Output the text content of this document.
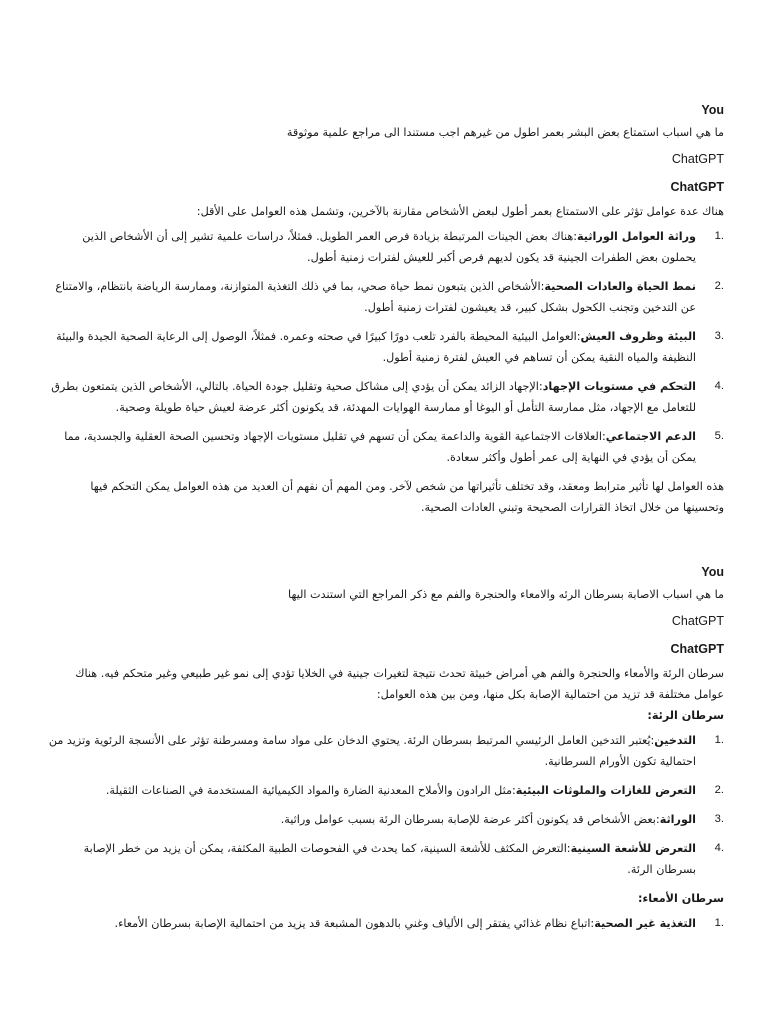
You

ما هي اسباب استمتاع بعض البشر بعمر اطول من غيرهم اجب مستندا الى مراجع علمية موثوقة

ChatGPT
ChatGPT

هناك عدة عوامل تؤثر على الاستمتاع بعمر أطول لبعض الأشخاص مقارنة بالآخرين، وتشمل هذه العوامل على الأقل:

.1
وراثة العوامل الوراثية:هناك بعض الجينات المرتبطة بزيادة فرص العمر الطويل. فمثلاً، دراسات علمية تشير إلى أن الأشخاص الذين يحملون بعض الطفرات الجينية قد يكون لديهم فرص أكبر للعيش لفترات زمنية أطول.
.2
نمط الحياة والعادات الصحية:الأشخاص الذين يتبعون نمط حياة صحي، بما في ذلك التغذية المتوازنة، وممارسة الرياضة بانتظام، والامتناع عن التدخين وتجنب الكحول بشكل كبير، قد يعيشون لفترات زمنية أطول.
.3
البيئة وظروف العيش:العوامل البيئية المحيطة بالفرد تلعب دورًا كبيرًا في صحته وعمره. فمثلاً، الوصول إلى الرعاية الصحية الجيدة والبيئة النظيفة والمياه النقية يمكن أن تساهم في العيش لفترة زمنية أطول.
.4
التحكم في مستويات الإجهاد:الإجهاد الزائد يمكن أن يؤدي إلى مشاكل صحية وتقليل جودة الحياة. بالتالي، الأشخاص الذين يتمتعون بطرق للتعامل مع الإجهاد، مثل ممارسة التأمل أو اليوغا أو ممارسة الهوايات المهدئة، قد يكونون أكثر عرضة لعيش حياة طويلة وصحية.
.5
الدعم الاجتماعي:العلاقات الاجتماعية القوية والداعمة يمكن أن تسهم في تقليل مستويات الإجهاد وتحسين الصحة العقلية والجسدية، مما يمكن أن يؤدي في النهاية إلى عمر أطول وأكثر سعادة.

هذه العوامل لها تأثير مترابط ومعقد، وقد تختلف تأثيراتها من شخص لآخر. ومن المهم أن نفهم أن العديد من هذه العوامل يمكن التحكم فيها وتحسينها من خلال اتخاذ القرارات الصحيحة وتبني العادات الصحية.

You

ما هي اسباب الاصابة بسرطان الرئه والامعاء والحنجرة والفم مع ذكر المراجع التي استندت اليها

ChatGPT
ChatGPT

سرطان الرئة والأمعاء والحنجرة والفم هي أمراض خبيثة تحدث نتيجة لتغيرات جينية في الخلايا تؤدي إلى نمو غير طبيعي وغير متحكم فيه. هناك عوامل مختلفة قد تزيد من احتمالية الإصابة بكل منها، ومن بين هذه العوامل:

سرطان الرئة:

.1
التدخين:يُعتبر التدخين العامل الرئيسي المرتبط بسرطان الرئة. يحتوي الدخان على مواد سامة ومسرطنة تؤثر على الأنسجة الرئوية وتزيد من احتمالية تكون الأورام السرطانية.
.2
التعرض للغازات والملوثات البيئية:مثل الرادون والأملاح المعدنية الضارة والمواد الكيميائية المستخدمة في الصناعات الثقيلة.
.3
الوراثة:بعض الأشخاص قد يكونون أكثر عرضة للإصابة بسرطان الرئة بسبب عوامل وراثية.
.4
التعرض للأشعة السينية:التعرض المكثف للأشعة السينية، كما يحدث في الفحوصات الطبية المكثفة، يمكن أن يزيد من خطر الإصابة بسرطان الرئة.

سرطان الأمعاء:

.1
التغذية غير الصحية:اتباع نظام غذائي يفتقر إلى الألياف وغني بالدهون المشبعة قد يزيد من احتمالية الإصابة بسرطان الأمعاء.
